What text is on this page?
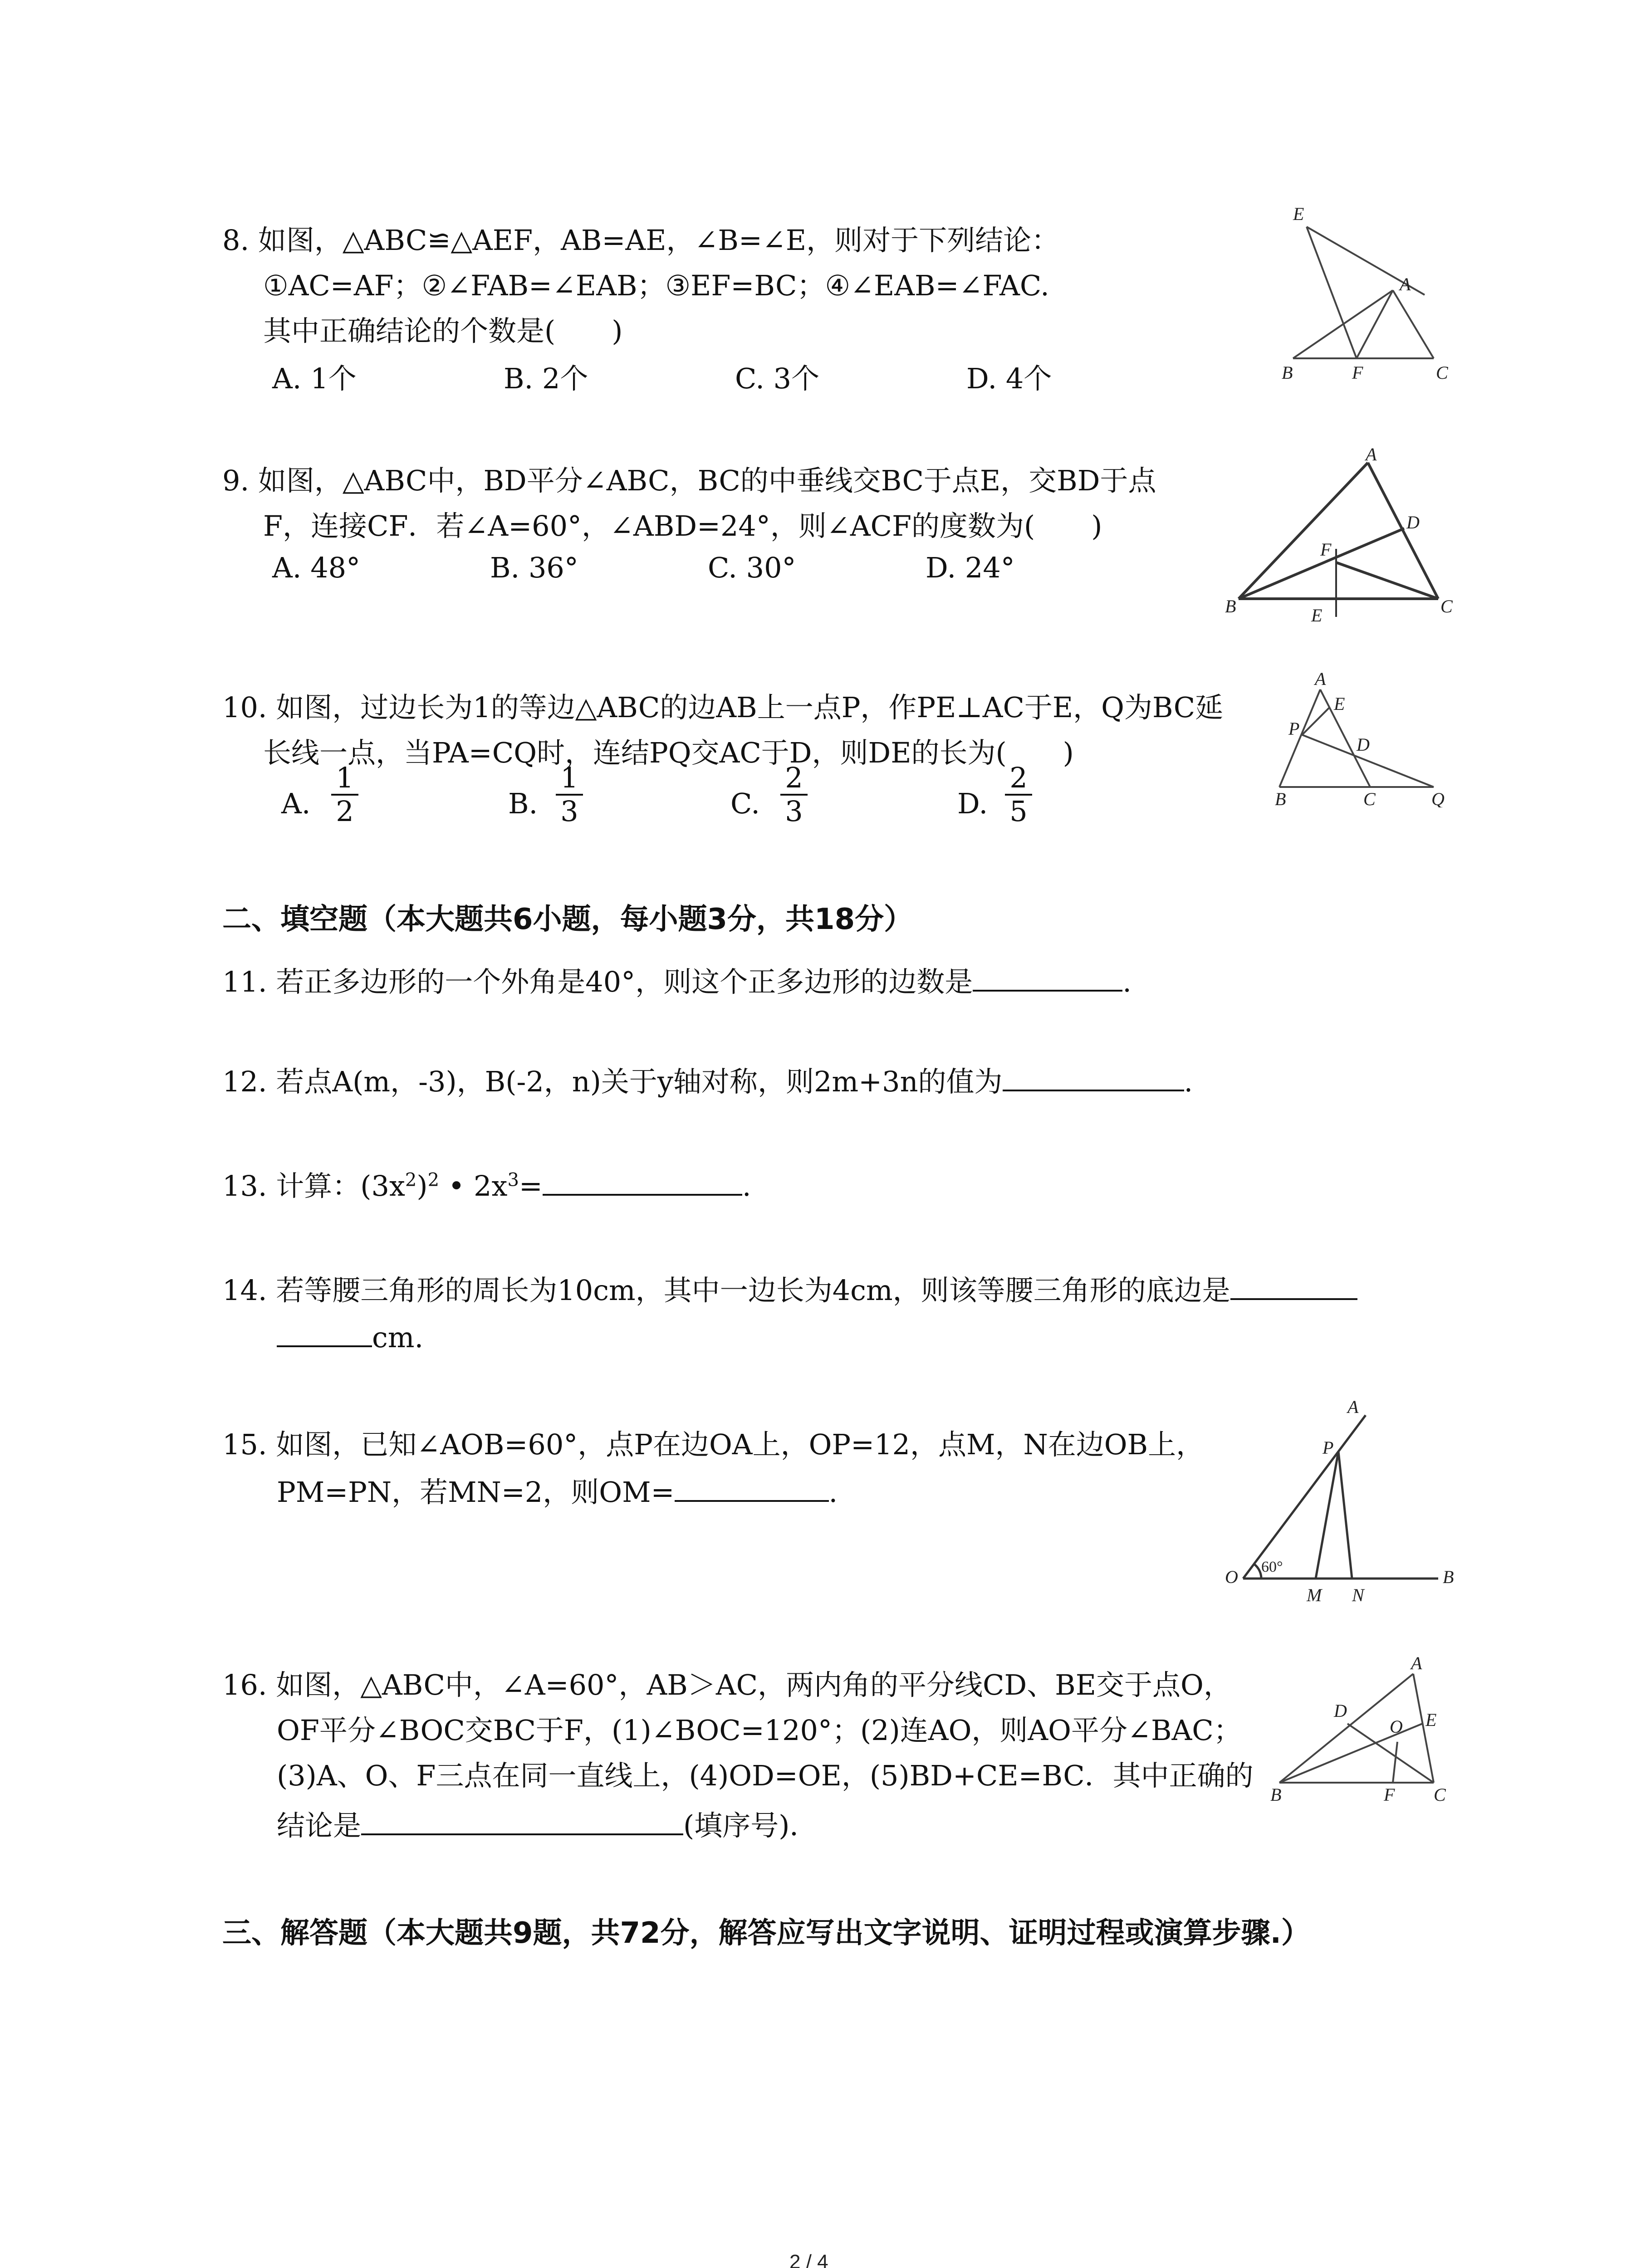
8. 如图，△ABC≌△AEF，AB=AE，∠B=∠E，则对于下列结论：
①AC=AF；②∠FAB=∠EAB；③EF=BC；④∠EAB=∠FAC.
其中正确结论的个数是(　　)
A. 1个	B. 2个	C. 3个	D. 4个
E
A
B	F	C
9. 如图，△ABC中，BD平分∠ABC，BC的中垂线交BC于点E，交BD于点
F，连接CF．若∠A=60°，∠ABD=24°，则∠ACF的度数为(　　)
A. 48°	B. 36°	C. 30°	D. 24°
A
D
F
B	E	C
10. 如图，过边长为1的等边△ABC的边AB上一点P，作PE⊥AC于E，Q为BC延
长线一点，当PA=CQ时，连结PQ交AC于D，则DE的长为(　　)
A.
1
2	B.
1
3	C.
2
3	D.
2
5
A
E
P
D
B	C	Q
二、填空题（本大题共6小题，每小题3分，共18分）
11. 若正多边形的一个外角是40°，则这个正多边形的边数是	.
12. 若点A(m，-3)，B(-2，n)关于y轴对称，则2m+3n的值为	.
13. 计算：$(3x^2)^2$ • $2x^3=$	.
14. 若等腰三角形的周长为10cm，其中一边长为4cm，则该等腰三角形的底边是
cm.
15. 如图，已知∠AOB=60°，点P在边OA上，OP=12，点M，N在边OB上，
PM=PN，若MN=2，则OM=	.
A
P
O 60°
M N
B
16. 如图，△ABC中，∠A=60°，AB＞AC，两内角的平分线CD、BE交于点O，
OF平分∠BOC交BC于F，(1)∠BOC=120°；(2)连AO，则AO平分∠BAC；
(3)A、O、F三点在同一直线上，(4)OD=OE，(5)BD+CE=BC．其中正确的
结论是	(填序号)．
A
D
O E
B	F C
三、解答题（本大题共9题，共72分，解答应写出文字说明、证明过程或演算步骤.）
2 / 4
